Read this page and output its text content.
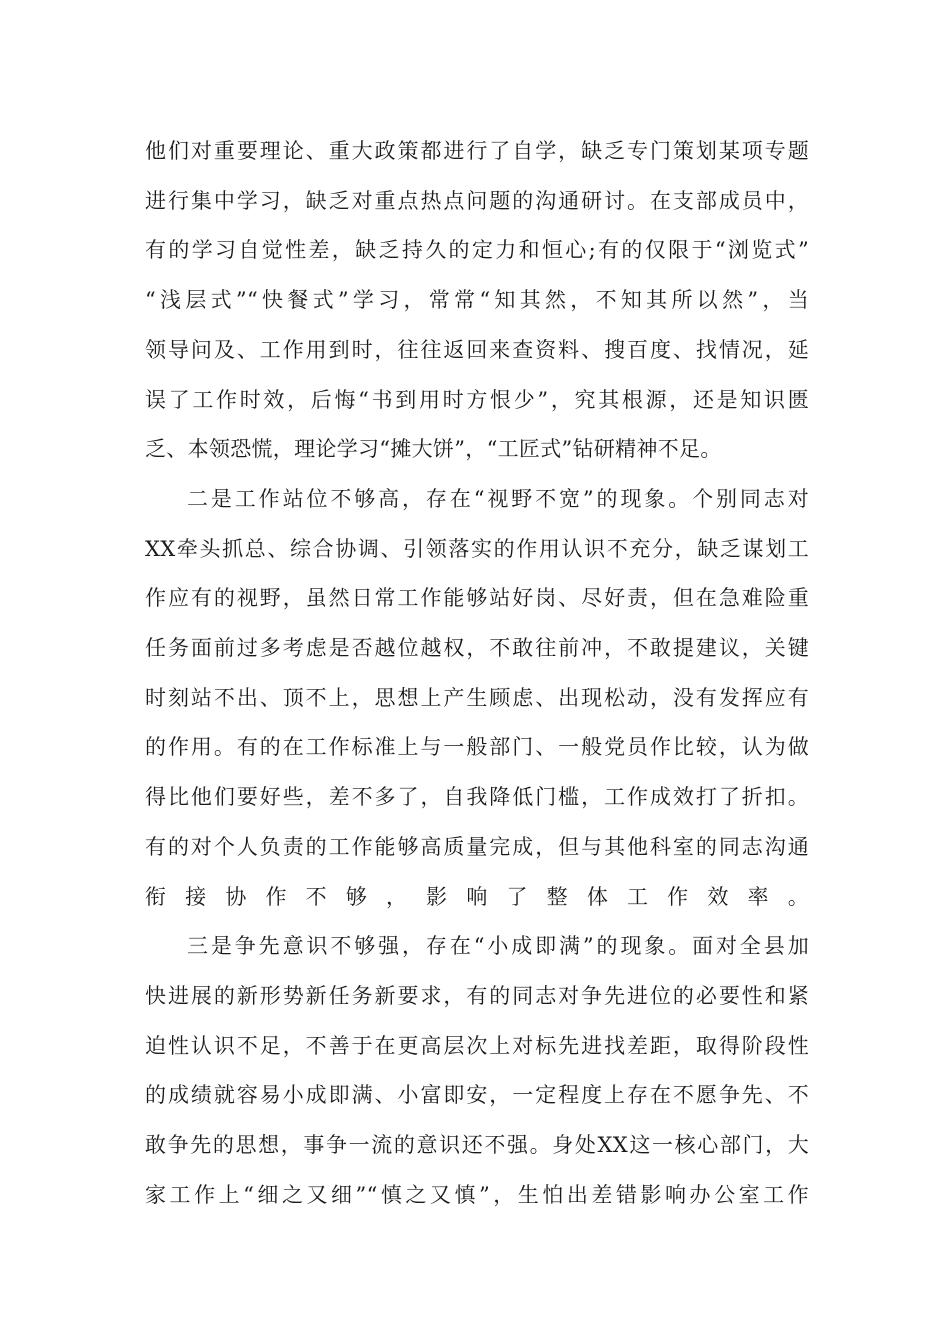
他们对重要理论、重大政策都进行了自学，缺乏专门策划某项专题
进行集中学习，缺乏对重点热点问题的沟通研讨。在支部成员中，
有的学习自觉性差，缺乏持久的定力和恒心;有的仅限于“浏览式”
“浅层式”“快餐式”学习，常常“知其然，不知其所以然”，当
领导问及、工作用到时，往往返回来查资料、搜百度、找情况，延
误了工作时效，后悔“书到用时方恨少”，究其根源，还是知识匮
乏、本领恐慌，理论学习“摊大饼”，“工匠式”钻研精神不足。

二是工作站位不够高，存在“视野不宽”的现象。个别同志对
XX牵头抓总、综合协调、引领落实的作用认识不充分，缺乏谋划工
作应有的视野，虽然日常工作能够站好岗、尽好责，但在急难险重
任务面前过多考虑是否越位越权，不敢往前冲，不敢提建议，关键
时刻站不出、顶不上，思想上产生顾虑、出现松动，没有发挥应有
的作用。有的在工作标准上与一般部门、一般党员作比较，认为做
得比他们要好些，差不多了，自我降低门槛，工作成效打了折扣。
有的对个人负责的工作能够高质量完成，但与其他科室的同志沟通
衔接协作不够，影响了整体工作效率。

三是争先意识不够强，存在“小成即满”的现象。面对全县加
快进展的新形势新任务新要求，有的同志对争先进位的必要性和紧
迫性认识不足，不善于在更高层次上对标先进找差距，取得阶段性
的成绩就容易小成即满、小富即安，一定程度上存在不愿争先、不
敢争先的思想，事争一流的意识还不强。身处XX这一核心部门，大
家工作上“细之又细”“慎之又慎”，生怕出差错影响办公室工作
